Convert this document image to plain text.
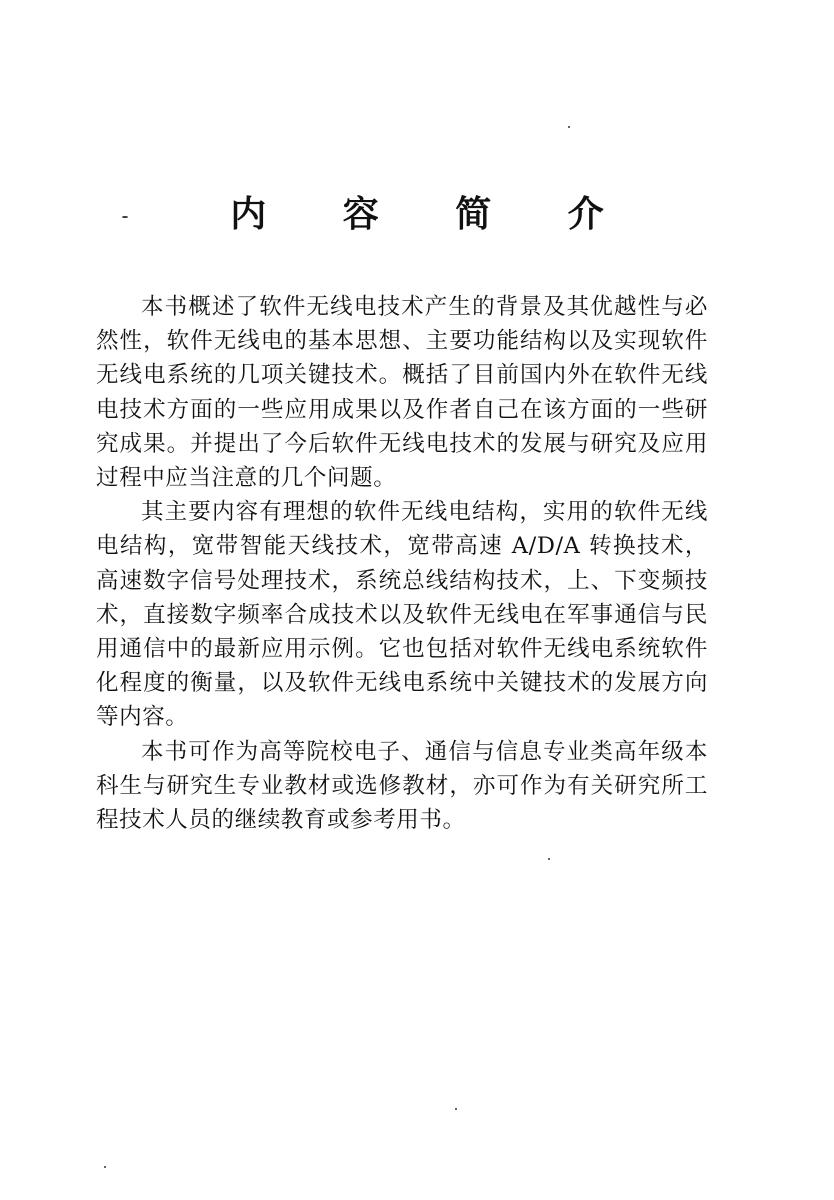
内 容 简 介

本书概述了软件无线电技术产生的背景及其优越性与必然性，软件无线电的基本思想、主要功能结构以及实现软件无线电系统的几项关键技术。概括了目前国内外在软件无线电技术方面的一些应用成果以及作者自己在该方面的一些研究成果。并提出了今后软件无线电技术的发展与研究及应用过程中应当注意的几个问题。

其主要内容有理想的软件无线电结构，实用的软件无线电结构，宽带智能天线技术，宽带高速 A/D/A 转换技术，高速数字信号处理技术，系统总线结构技术，上、下变频技术，直接数字频率合成技术以及软件无线电在军事通信与民用通信中的最新应用示例。它也包括对软件无线电系统软件化程度的衡量，以及软件无线电系统中关键技术的发展方向等内容。

本书可作为高等院校电子、通信与信息专业类高年级本科生与研究生专业教材或选修教材，亦可作为有关研究所工程技术人员的继续教育或参考用书。
